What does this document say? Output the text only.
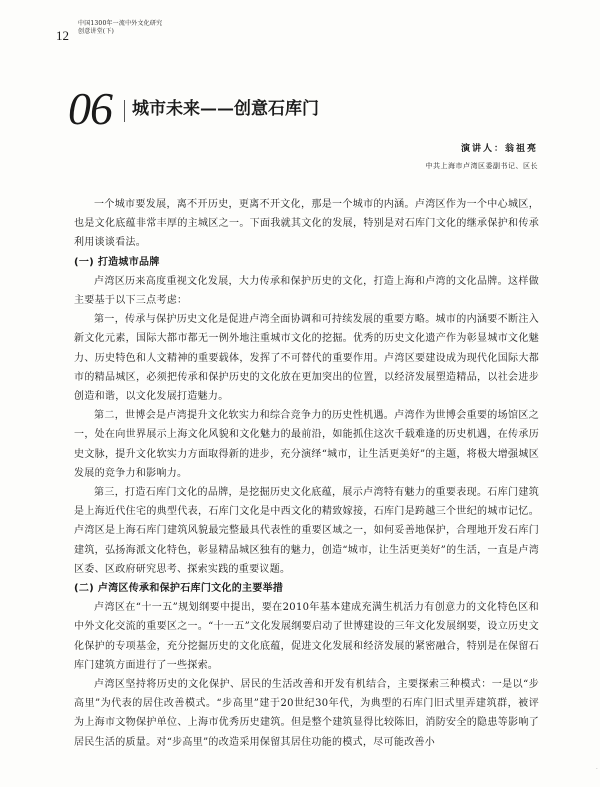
12
中国1300年一流中外文化研究
创意讲堂(下)
06 城市未来——创意石库门
演讲人：翁祖亮
中共上海市卢湾区委副书记、区长

一个城市要发展，离不开历史，更离不开文化，那是一个城市的内涵。卢湾区作为一个中心城区，也是文化底蕴非常丰厚的主城区之一。下面我就其文化的发展，特别是对石库门文化的继承保护和传承利用谈谈看法。

(一) 打造城市品牌

卢湾区历来高度重视文化发展，大力传承和保护历史的文化，打造上海和卢湾的文化品牌。这样做主要基于以下三点考虑：

第一，传承与保护历史文化是促进卢湾全面协调和可持续发展的重要方略。城市的内涵要不断注入新文化元素，国际大都市都无一例外地注重城市文化的挖掘。优秀的历史文化遗产作为彰显城市文化魅力、历史特色和人文精神的重要载体，发挥了不可替代的重要作用。卢湾区要建设成为现代化国际大都市的精品城区，必须把传承和保护历史的文化放在更加突出的位置，以经济发展塑造精品，以社会进步创造和谐，以文化发展打造魅力。

第二，世博会是卢湾提升文化软实力和综合竞争力的历史性机遇。卢湾作为世博会重要的场馆区之一，处在向世界展示上海文化风貌和文化魅力的最前沿，如能抓住这次千载难逢的历史机遇，在传承历史文脉，提升文化软实力方面取得新的进步，充分演绎“城市，让生活更美好”的主题，将极大增强城区发展的竞争力和影响力。

第三，打造石库门文化的品牌，是挖掘历史文化底蕴，展示卢湾特有魅力的重要表现。石库门建筑是上海近代住宅的典型代表，石库门文化是中西文化的精致嫁接，石库门是跨越三个世纪的城市记忆。卢湾区是上海石库门建筑风貌最完整最具代表性的重要区域之一，如何妥善地保护，合理地开发石库门建筑，弘扬海派文化特色，彰显精品城区独有的魅力，创造“城市，让生活更美好”的生活，一直是卢湾区委、区政府研究思考、探索实践的重要议题。

(二) 卢湾区传承和保护石库门文化的主要举措

卢湾区在“十一五”规划纲要中提出，要在2010年基本建成充满生机活力有创意力的文化特色区和中外文化交流的重要区之一。“十一五”文化发展纲要启动了世博建设的三年文化发展纲要，设立历史文化保护的专项基金，充分挖掘历史的文化底蕴，促进文化发展和经济发展的紧密融合，特别是在保留石库门建筑方面进行了一些探索。

卢湾区坚持将历史的文化保护、居民的生活改善和开发有机结合，主要探索三种模式：一是以“步高里”为代表的居住改善模式。“步高里”建于20世纪30年代，为典型的石库门旧式里弄建筑群，被评为上海市文物保护单位、上海市优秀历史建筑。但是整个建筑显得比较陈旧，消防安全的隐患等影响了居民生活的质量。对“步高里”的改造采用保留其居住功能的模式，尽可能改善小

·
